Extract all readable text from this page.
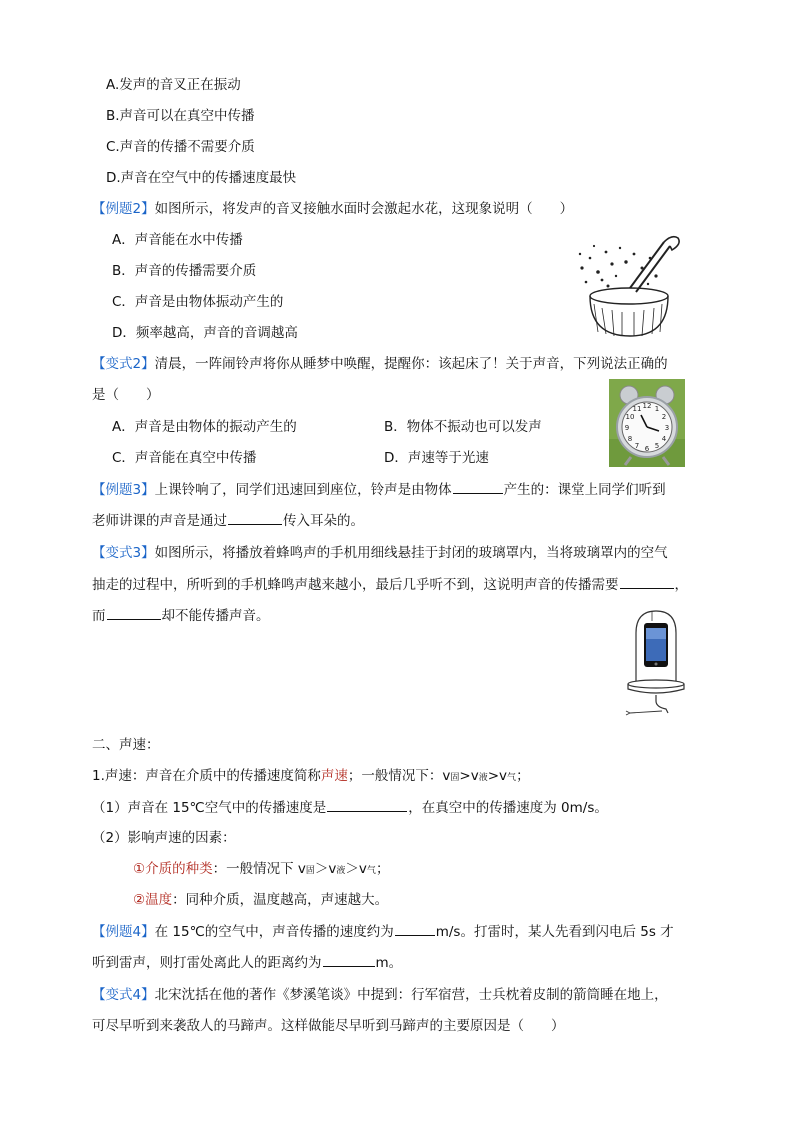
A.发声的音叉正在振动
B.声音可以在真空中传播
C.声音的传播不需要介质
D.声音在空气中的传播速度最快
【例题2】如图所示，将发声的音叉接触水面时会激起水花，这现象说明（　　）
A．声音能在水中传播
B．声音的传播需要介质
C．声音是由物体振动产生的
D．频率越高，声音的音调越高
【变式2】清晨，一阵闹铃声将你从睡梦中唤醒，提醒你：该起床了！关于声音，下列说法正确的
是（　　）
A．声音是由物体的振动产生的	B．物体不振动也可以发声
C．声音能在真空中传播	D．声速等于光速
12
3
6
9
1
2
4
5
7
8
10
11
【例题3】上课铃响了，同学们迅速回到座位，铃声是由物体	产生的：课堂上同学们听到
老师讲课的声音是通过	传入耳朵的。
【变式3】如图所示，将播放着蜂鸣声的手机用细线悬挂于封闭的玻璃罩内，当将玻璃罩内的空气
抽走的过程中，所听到的手机蜂鸣声越来越小，最后几乎听不到，这说明声音的传播需要	，
而	却不能传播声音。
二、声速：
1.声速：声音在介质中的传播速度简称声速；一般情况下：v固>v液>v气；
（1）声音在 15℃空气中的传播速度是	，在真空中的传播速度为 0m/s。
（2）影响声速的因素：
①介质的种类：一般情况下 v固＞v液＞v气；
②温度：同种介质，温度越高，声速越大。
【例题4】在 15℃的空气中，声音传播的速度约为	m/s。打雷时，某人先看到闪电后 5s 才
听到雷声，则打雷处离此人的距离约为	m。
【变式4】北宋沈括在他的著作《梦溪笔谈》中提到：行军宿营，士兵枕着皮制的箭筒睡在地上，
可尽早听到来袭敌人的马蹄声。这样做能尽早听到马蹄声的主要原因是（　　）
